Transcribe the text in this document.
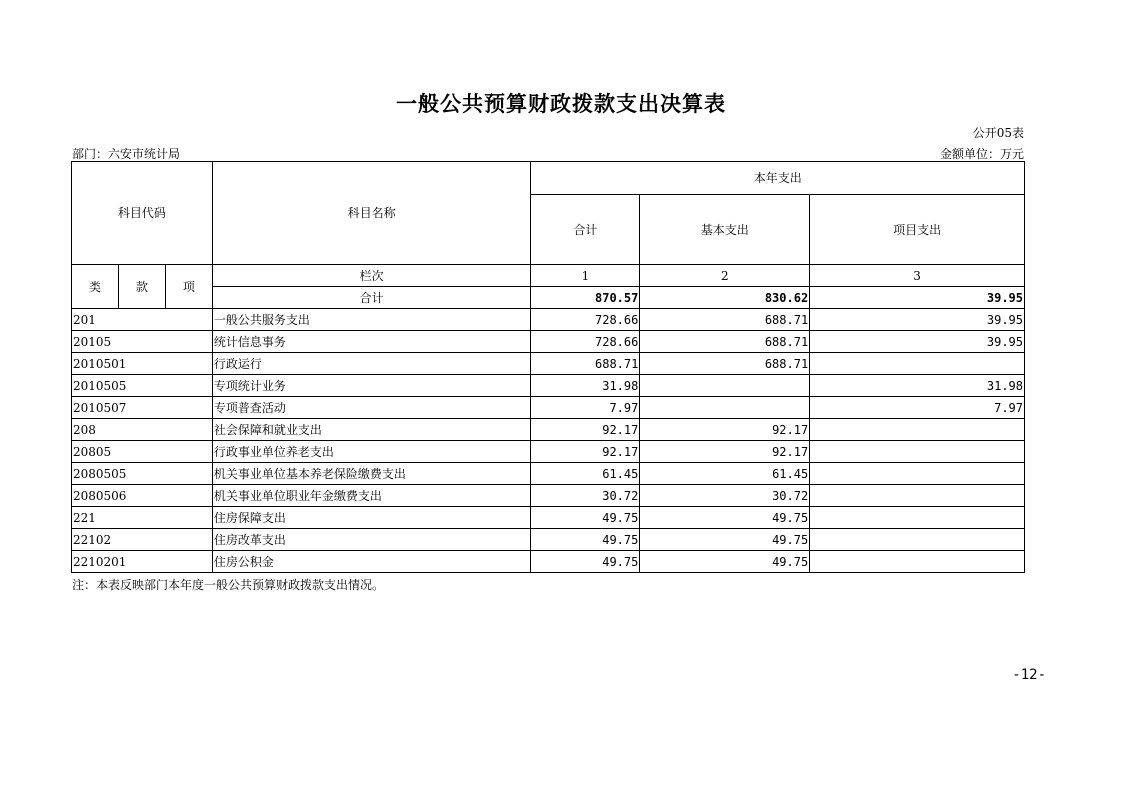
一般公共预算财政拨款支出决算表
公开05表
部门：六安市统计局	金额单位：万元
科目代码			科目名称	本年支出		
				合计	基本支出	项目支出
类	款	项	栏次	1	2	3
			合计	870.57	830.62	39.95
201			一般公共服务支出	728.66	688.71	39.95
20105			统计信息事务	728.66	688.71	39.95
2010501			行政运行	688.71	688.71	
2010505			专项统计业务	31.98		31.98
2010507			专项普查活动	7.97		7.97
208			社会保障和就业支出	92.17	92.17	
20805			行政事业单位养老支出	92.17	92.17	
2080505			机关事业单位基本养老保险缴费支出	61.45	61.45	
2080506			机关事业单位职业年金缴费支出	30.72	30.72	
221			住房保障支出	49.75	49.75	
22102			住房改革支出	49.75	49.75	
2210201			住房公积金	49.75	49.75	
注：本表反映部门本年度一般公共预算财政拨款支出情况。
-12-
